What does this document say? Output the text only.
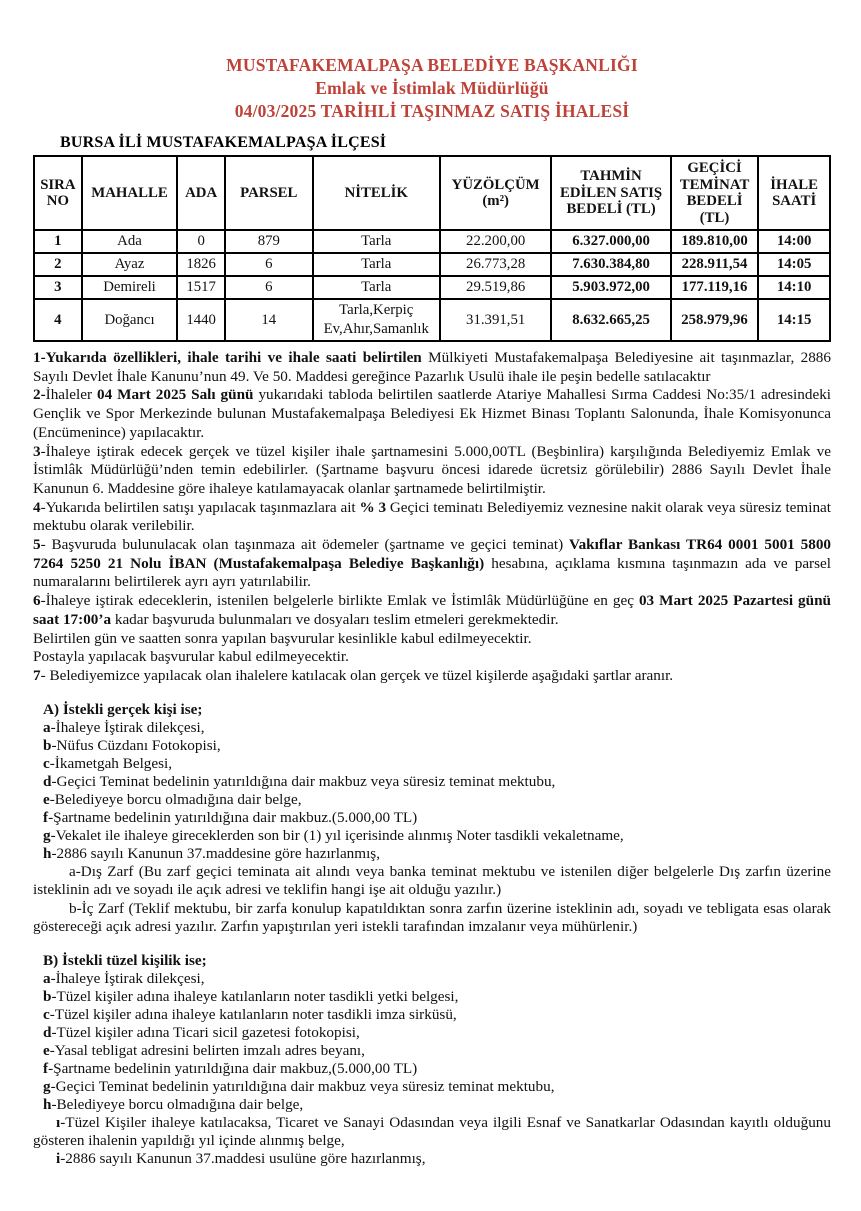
MUSTAFAKEMALPAŞA BELEDİYE BAŞKANLIĞI
Emlak ve İstimlak Müdürlüğü
04/03/2025 TARİHLİ TAŞINMAZ SATIŞ İHALESİ
BURSA İLİ MUSTAFAKEMALPAŞA İLÇESİ
SIRA NO	MAHALLE	ADA	PARSEL	NİTELİK	YÜZÖLÇÜM (m²)	TAHMİN EDİLEN SATIŞ BEDELİ (TL)	GEÇİCİ TEMİNAT BEDELİ (TL)	İHALE SAATİ
1	Ada	0	879	Tarla	22.200,00	6.327.000,00	189.810,00	14:00
2	Ayaz	1826	6	Tarla	26.773,28	7.630.384,80	228.911,54	14:05
3	Demireli	1517	6	Tarla	29.519,86	5.903.972,00	177.119,16	14:10
4	Doğancı	1440	14	Tarla,Kerpiç Ev,Ahır,Samanlık	31.391,51	8.632.665,25	258.979,96	14:15

1-Yukarıda özellikleri, ihale tarihi ve ihale saati belirtilen Mülkiyeti Mustafakemalpaşa Belediyesine ait taşınmazlar, 2886 Sayılı Devlet İhale Kanunu’nun 49. Ve 50. Maddesi gereğince Pazarlık Usulü ihale ile peşin bedelle satılacaktır

2-İhaleler 04 Mart 2025 Salı günü yukarıdaki tabloda belirtilen saatlerde Atariye Mahallesi Sırma Caddesi No:35/1 adresindeki Gençlik ve Spor Merkezinde bulunan Mustafakemalpaşa Belediyesi Ek Hizmet Binası Toplantı Salonunda, İhale Komisyonunca (Encümenince) yapılacaktır.

3-İhaleye iştirak edecek gerçek ve tüzel kişiler ihale şartnamesini 5.000,00TL (Beşbinlira) karşılığında Belediyemiz Emlak ve İstimlâk Müdürlüğü’nden temin edebilirler. (Şartname başvuru öncesi idarede ücretsiz görülebilir) 2886 Sayılı Devlet İhale Kanunun 6. Maddesine göre ihaleye katılamayacak olanlar şartnamede belirtilmiştir.

4-Yukarıda belirtilen satışı yapılacak taşınmazlara ait % 3 Geçici teminatı Belediyemiz veznesine nakit olarak veya süresiz teminat mektubu olarak verilebilir.

5- Başvuruda bulunulacak olan taşınmaza ait ödemeler (şartname ve geçici teminat) Vakıflar Bankası TR64 0001 5001 5800 7264 5250 21 Nolu İBAN (Mustafakemalpaşa Belediye Başkanlığı) hesabına, açıklama kısmına taşınmazın ada ve parsel numaralarını belirtilerek ayrı ayrı yatırılabilir.

6-İhaleye iştirak edeceklerin, istenilen belgelerle birlikte Emlak ve İstimlâk Müdürlüğüne en geç 03 Mart 2025 Pazartesi günü saat 17:00’a kadar başvuruda bulunmaları ve dosyaları teslim etmeleri gerekmektedir.

Belirtilen gün ve saatten sonra yapılan başvurular kesinlikle kabul edilmeyecektir.

Postayla yapılacak başvurular kabul edilmeyecektir.

7- Belediyemizce yapılacak olan ihalelere katılacak olan gerçek ve tüzel kişilerde aşağıdaki şartlar aranır.

A) İstekli gerçek kişi ise;

a-İhaleye İştirak dilekçesi,

b-Nüfus Cüzdanı Fotokopisi,

c-İkametgah Belgesi,

d-Geçici Teminat bedelinin yatırıldığına dair makbuz veya süresiz teminat mektubu,

e-Belediyeye borcu olmadığına dair belge,

f-Şartname bedelinin yatırıldığına dair makbuz.(5.000,00 TL)

g-Vekalet ile ihaleye gireceklerden son bir (1) yıl içerisinde alınmış Noter tasdikli vekaletname,

h-2886 sayılı Kanunun 37.maddesine göre hazırlanmış,

a-Dış Zarf (Bu zarf geçici teminata ait alındı veya banka teminat mektubu ve istenilen diğer belgelerle Dış zarfın üzerine isteklinin adı ve soyadı ile açık adresi ve teklifin hangi işe ait olduğu yazılır.)

b-İç Zarf (Teklif mektubu, bir zarfa konulup kapatıldıktan sonra zarfın üzerine isteklinin adı, soyadı ve tebligata esas olarak göstereceği açık adresi yazılır. Zarfın yapıştırılan yeri istekli tarafından imzalanır veya mühürlenir.)

B) İstekli tüzel kişilik ise;

a-İhaleye İştirak dilekçesi,

b-Tüzel kişiler adına ihaleye katılanların noter tasdikli yetki belgesi,

c-Tüzel kişiler adına ihaleye katılanların noter tasdikli imza sirküsü,

d-Tüzel kişiler adına Ticari sicil gazetesi fotokopisi,

e-Yasal tebligat adresini belirten imzalı adres beyanı,

f-Şartname bedelinin yatırıldığına dair makbuz,(5.000,00 TL)

g-Geçici Teminat bedelinin yatırıldığına dair makbuz veya süresiz teminat mektubu,

h-Belediyeye borcu olmadığına dair belge,

ı-Tüzel Kişiler ihaleye katılacaksa, Ticaret ve Sanayi Odasından veya ilgili Esnaf ve Sanatkarlar Odasından kayıtlı olduğunu gösteren ihalenin yapıldığı yıl içinde alınmış belge,

i-2886 sayılı Kanunun 37.maddesi usulüne göre hazırlanmış,
